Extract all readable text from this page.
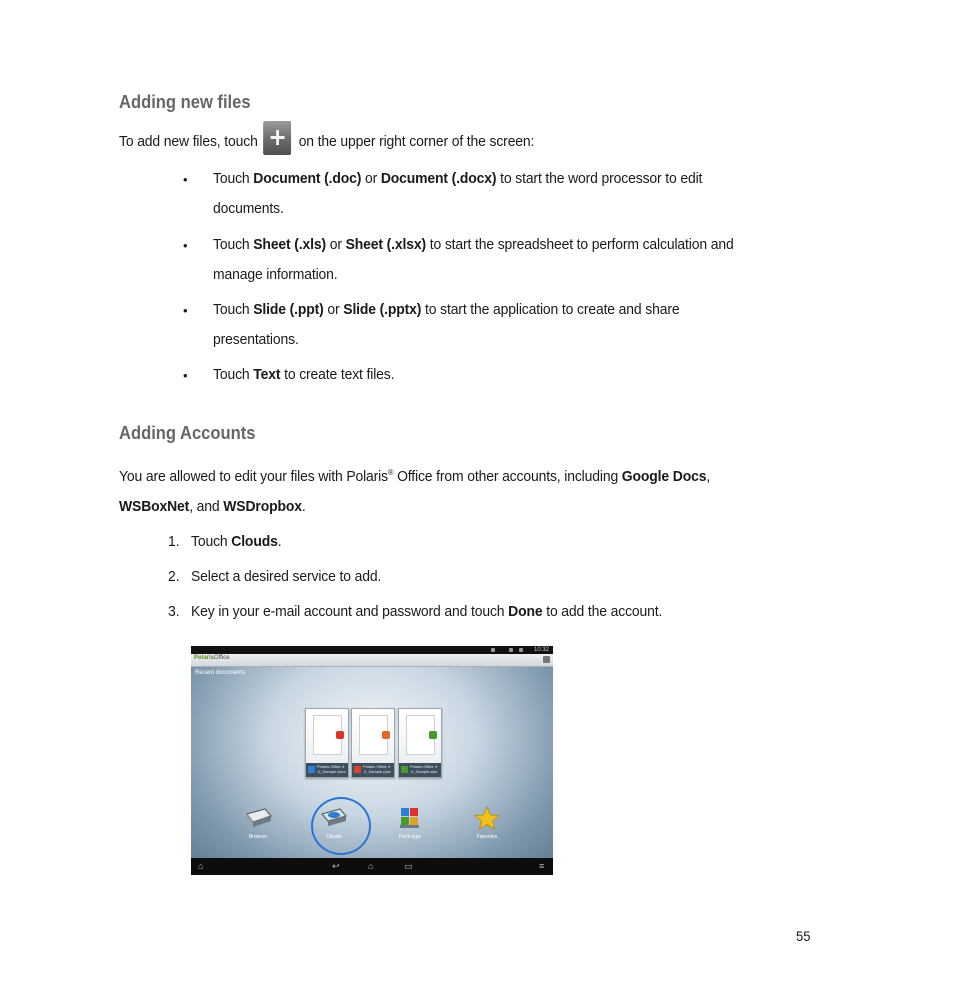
Adding new files

To add new files, touch	on the upper right corner of the screen:

• Touch Document (.doc) or Document (.docx) to start the word processor to edit
documents.

• Touch Sheet (.xls) or Sheet (.xlsx) to start the spreadsheet to perform calculation and
manage information.

• Touch Slide (.ppt) or Slide (.pptx) to start the application to create and share
presentations.

• Touch Text to create text files.

Adding Accounts

You are allowed to edit your files with Polaris® Office from other accounts, including Google Docs,
WSBoxNet, and WSDropbox.

1. Touch Clouds.

2. Select a desired service to add.

3. Key in your e-mail account and password and touch Done to add the account.

10:32
PolarisOffice
Recent documents
Polaris Office 4 .0_Sample.docx
Polaris Office 4 .0_Sample.pptx
Polaris Office 4 .0_Sample.xlsx
Browser	Clouds	Form type	Favorites
⌂	↩	⌂	▭	≡
55
